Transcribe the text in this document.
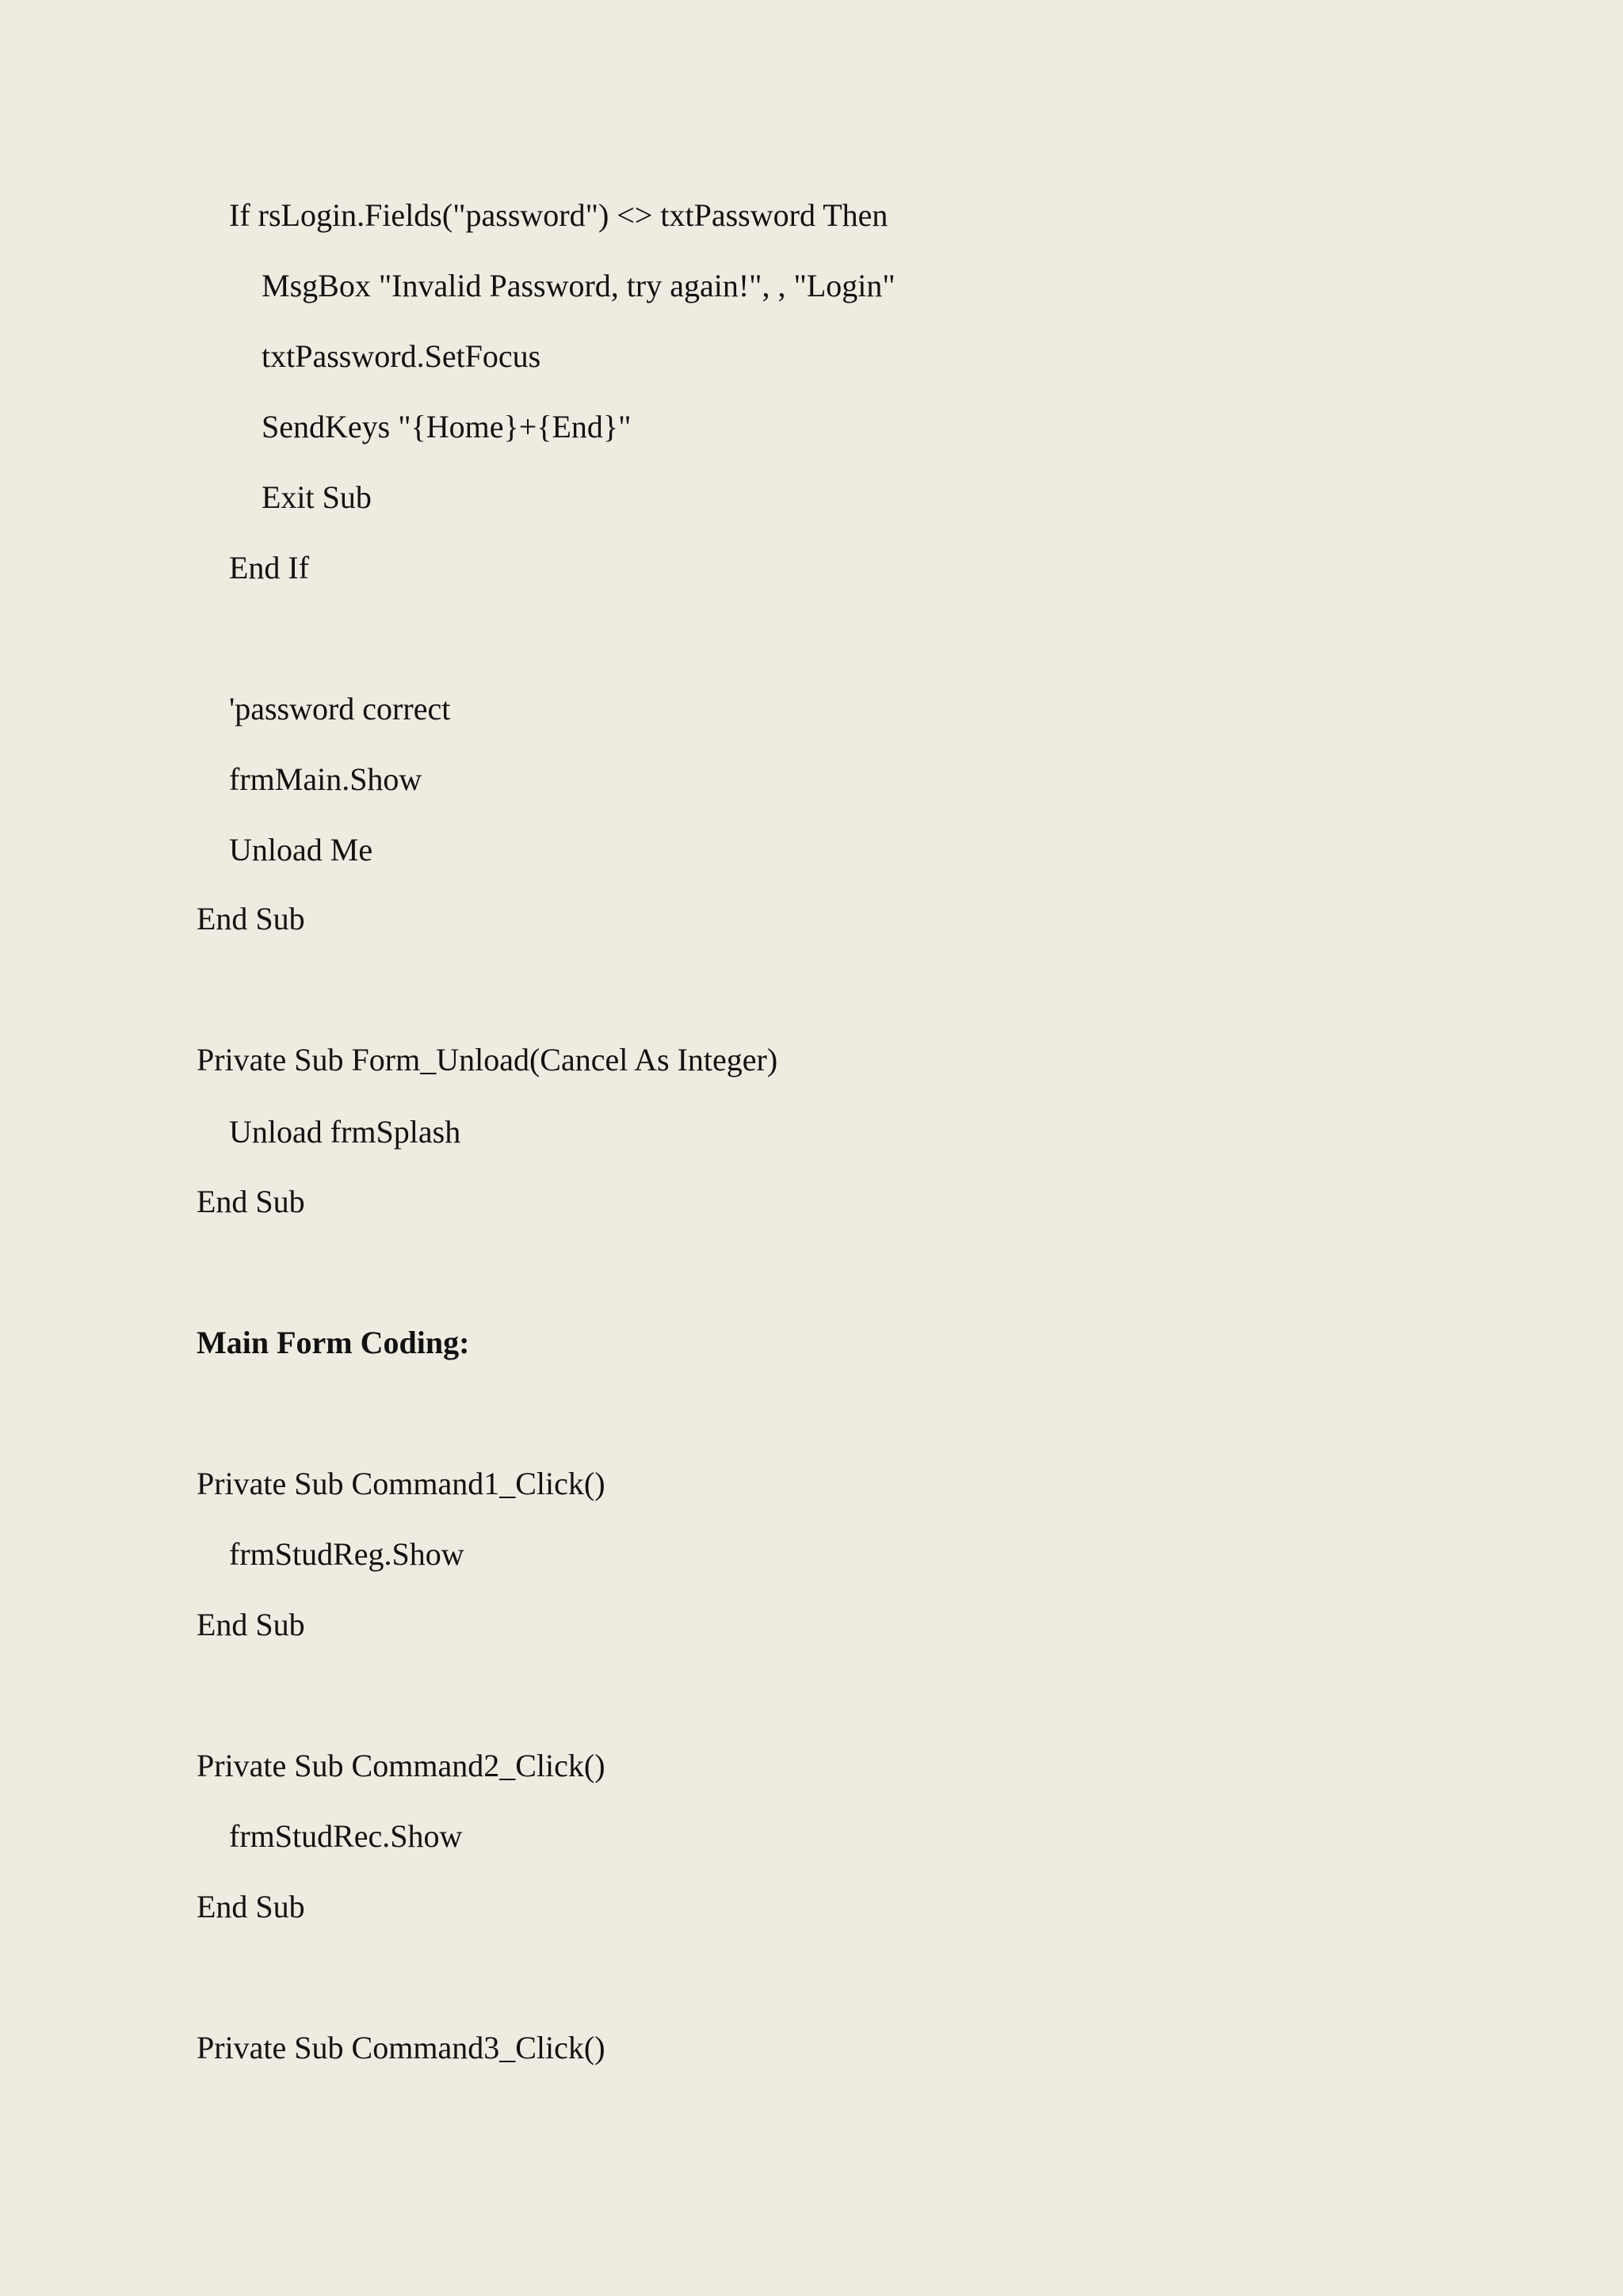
If rsLogin.Fields("password") <> txtPassword Then
MsgBox "Invalid Password, try again!", , "Login"
txtPassword.SetFocus
SendKeys "{Home}+{End}"
Exit Sub
End If
'password correct
frmMain.Show
Unload Me
End Sub
Private Sub Form_Unload(Cancel As Integer)
Unload frmSplash
End Sub
Main Form Coding:
Private Sub Command1_Click()
frmStudReg.Show
End Sub
Private Sub Command2_Click()
frmStudRec.Show
End Sub
Private Sub Command3_Click()
